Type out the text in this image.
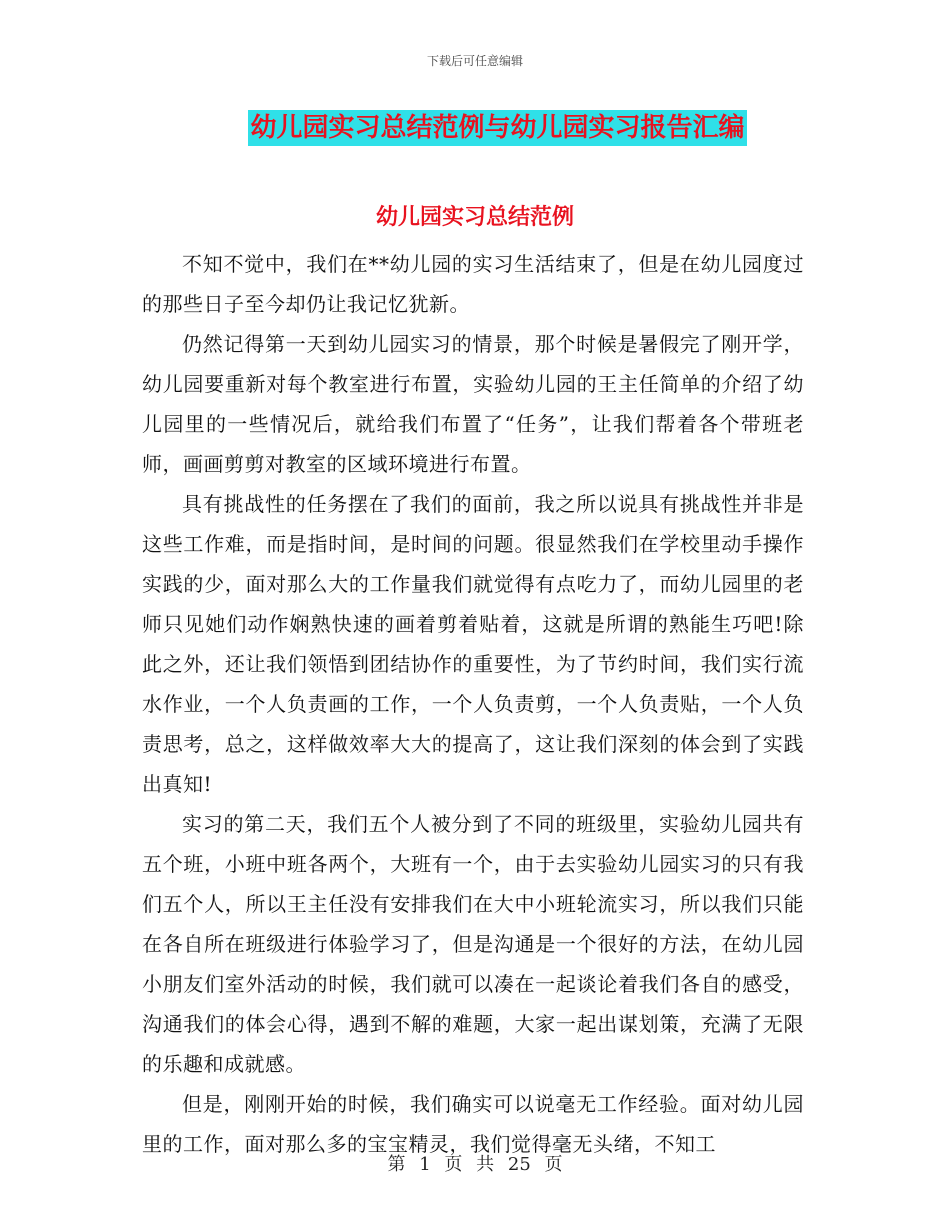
下载后可任意编辑
幼儿园实习总结范例与幼儿园实习报告汇编
幼儿园实习总结范例

不知不觉中，我们在**幼儿园的实习生活结束了，但是在幼儿园度过的那些日子至今却仍让我记忆犹新。

仍然记得第一天到幼儿园实习的情景，那个时候是暑假完了刚开学，幼儿园要重新对每个教室进行布置，实验幼儿园的王主任简单的介绍了幼儿园里的一些情况后，就给我们布置了“任务”，让我们帮着各个带班老师，画画剪剪对教室的区域环境进行布置。

具有挑战性的任务摆在了我们的面前，我之所以说具有挑战性并非是这些工作难，而是指时间，是时间的问题。很显然我们在学校里动手操作实践的少，面对那么大的工作量我们就觉得有点吃力了，而幼儿园里的老师只见她们动作娴熟快速的画着剪着贴着，这就是所谓的熟能生巧吧!除此之外，还让我们领悟到团结协作的重要性，为了节约时间，我们实行流水作业，一个人负责画的工作，一个人负责剪，一个人负责贴，一个人负责思考，总之，这样做效率大大的提高了，这让我们深刻的体会到了实践出真知!

实习的第二天，我们五个人被分到了不同的班级里，实验幼儿园共有五个班，小班中班各两个，大班有一个，由于去实验幼儿园实习的只有我们五个人，所以王主任没有安排我们在大中小班轮流实习，所以我们只能在各自所在班级进行体验学习了，但是沟通是一个很好的方法，在幼儿园小朋友们室外活动的时候，我们就可以凑在一起谈论着我们各自的感受，沟通我们的体会心得，遇到不解的难题，大家一起出谋划策，充满了无限的乐趣和成就感。

但是，刚刚开始的时候，我们确实可以说毫无工作经验。面对幼儿园里的工作，面对那么多的宝宝精灵，我们觉得毫无头绪，不知工

第 1 页 共 25 页
